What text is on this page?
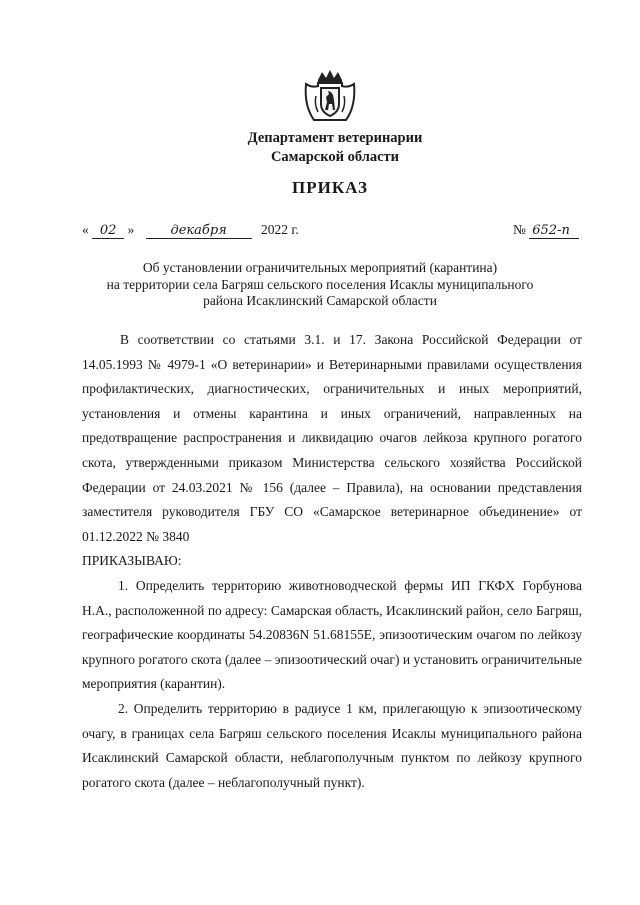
Департамент ветеринарии
Самарской области
ПРИКАЗ
« 02 »	декабря	2022 г.	№ 652-п
Об установлении ограничительных мероприятий (карантина)
на территории села Багряш сельского поселения Исаклы муниципального
района Исаклинский Самарской области

В соответствии со статьями 3.1. и 17. Закона Российской Федерации от 14.05.1993 № 4979-1 «О ветеринарии» и Ветеринарными правилами осуществления профилактических, диагностических, ограничительных и иных мероприятий, установления и отмены карантина и иных ограничений, направленных на предотвращение распространения и ликвидацию очагов лейкоза крупного рогатого скота, утвержденными приказом Министерства сельского хозяйства Российской Федерации от 24.03.2021 № 156 (далее – Правила), на основании представления заместителя руководителя ГБУ СО «Самарское ветеринарное объединение» от 01.12.2022 № 3840

ПРИКАЗЫВАЮ:

1. Определить территорию животноводческой фермы ИП ГКФХ Горбунова Н.А., расположенной по адресу: Самарская область, Исаклинский район, село Багряш, географические координаты 54.20836N 51.68155E, эпизоотическим очагом по лейкозу крупного рогатого скота (далее – эпизоотический очаг) и установить ограничительные мероприятия (карантин).

2. Определить территорию в радиусе 1 км, прилегающую к эпизоотическому очагу, в границах села Багряш сельского поселения Исаклы муниципального района Исаклинский Самарской области, неблагополучным пунктом по лейкозу крупного рогатого скота (далее – неблагополучный пункт).
